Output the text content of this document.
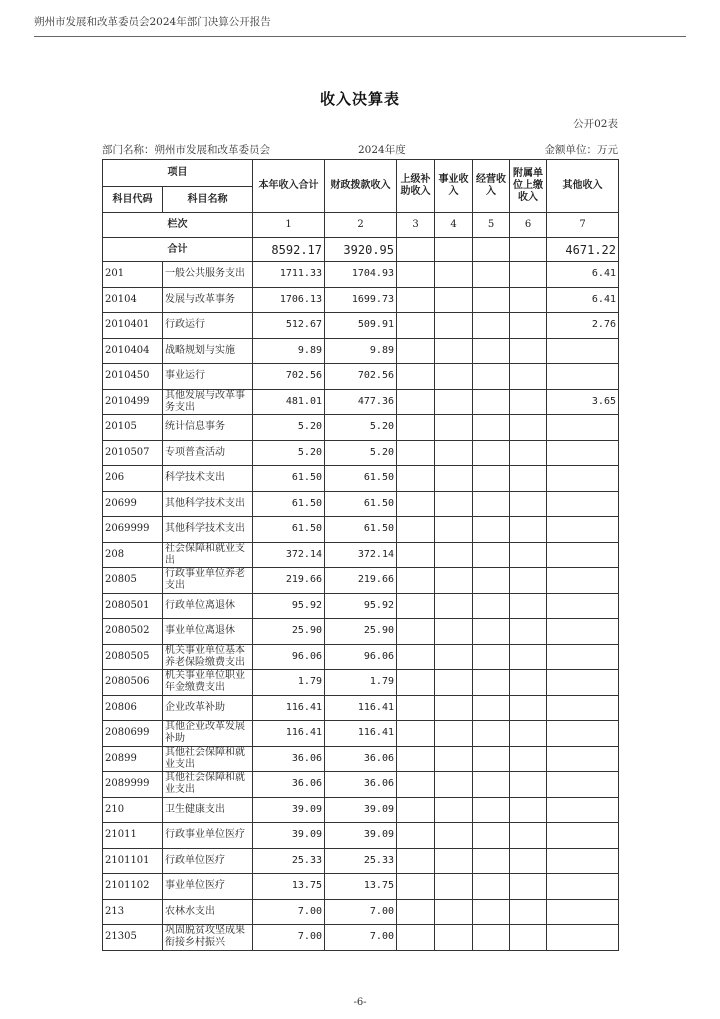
朔州市发展和改革委员会2024年部门决算公开报告
收入决算表
公开02表
部门名称：朔州市发展和改革委员会	2024年度	金额单位：万元
项目		本年收入合计	财政拨款收入	上级补助收入	事业收入	经营收入	附属单位上缴收入	其他收入
科目代码	科目名称							
栏次		1	2	3	4	5	6	7
合计		8592.17	3920.95					4671.22
201	一般公共服务支出	1711.33	1704.93					6.41
20104	发展与改革事务	1706.13	1699.73					6.41
2010401	行政运行	512.67	509.91					2.76
2010404	战略规划与实施	9.89	9.89					
2010450	事业运行	702.56	702.56					
2010499	其他发展与改革事务支出	481.01	477.36					3.65
20105	统计信息事务	5.20	5.20					
2010507	专项普查活动	5.20	5.20					
206	科学技术支出	61.50	61.50					
20699	其他科学技术支出	61.50	61.50					
2069999	其他科学技术支出	61.50	61.50					
208	社会保障和就业支出	372.14	372.14					
20805	行政事业单位养老支出	219.66	219.66					
2080501	行政单位离退休	95.92	95.92					
2080502	事业单位离退休	25.90	25.90					
2080505	机关事业单位基本养老保险缴费支出	96.06	96.06					
2080506	机关事业单位职业年金缴费支出	1.79	1.79					
20806	企业改革补助	116.41	116.41					
2080699	其他企业改革发展补助	116.41	116.41					
20899	其他社会保障和就业支出	36.06	36.06					
2089999	其他社会保障和就业支出	36.06	36.06					
210	卫生健康支出	39.09	39.09					
21011	行政事业单位医疗	39.09	39.09					
2101101	行政单位医疗	25.33	25.33					
2101102	事业单位医疗	13.75	13.75					
213	农林水支出	7.00	7.00					
21305	巩固脱贫攻坚成果衔接乡村振兴	7.00	7.00					
-6-
